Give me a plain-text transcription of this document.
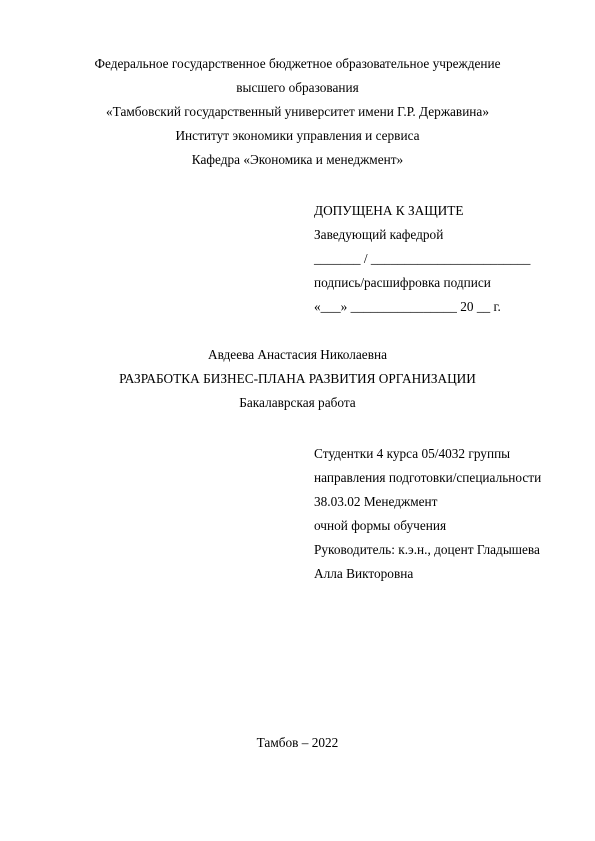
Федеральное государственное бюджетное образовательное учреждение
высшего образования
«Тамбовский государственный университет имени Г.Р. Державина»
Институт экономики управления и сервиса
Кафедра «Экономика и менеджмент»
ДОПУЩЕНА К ЗАЩИТЕ
Заведующий кафедрой
_______ / ________________________
подпись/расшифровка подписи
«___» ________________ 20 __ г.
Авдеева Анастасия Николаевна
РАЗРАБОТКА БИЗНЕС-ПЛАНА РАЗВИТИЯ ОРГАНИЗАЦИИ
Бакалаврская работа
Студентки 4 курса 05/4032 группы
направления подготовки/специальности
38.03.02 Менеджмент
очной формы обучения
Руководитель: к.э.н., доцент Гладышева
Алла Викторовна
Тамбов – 2022
